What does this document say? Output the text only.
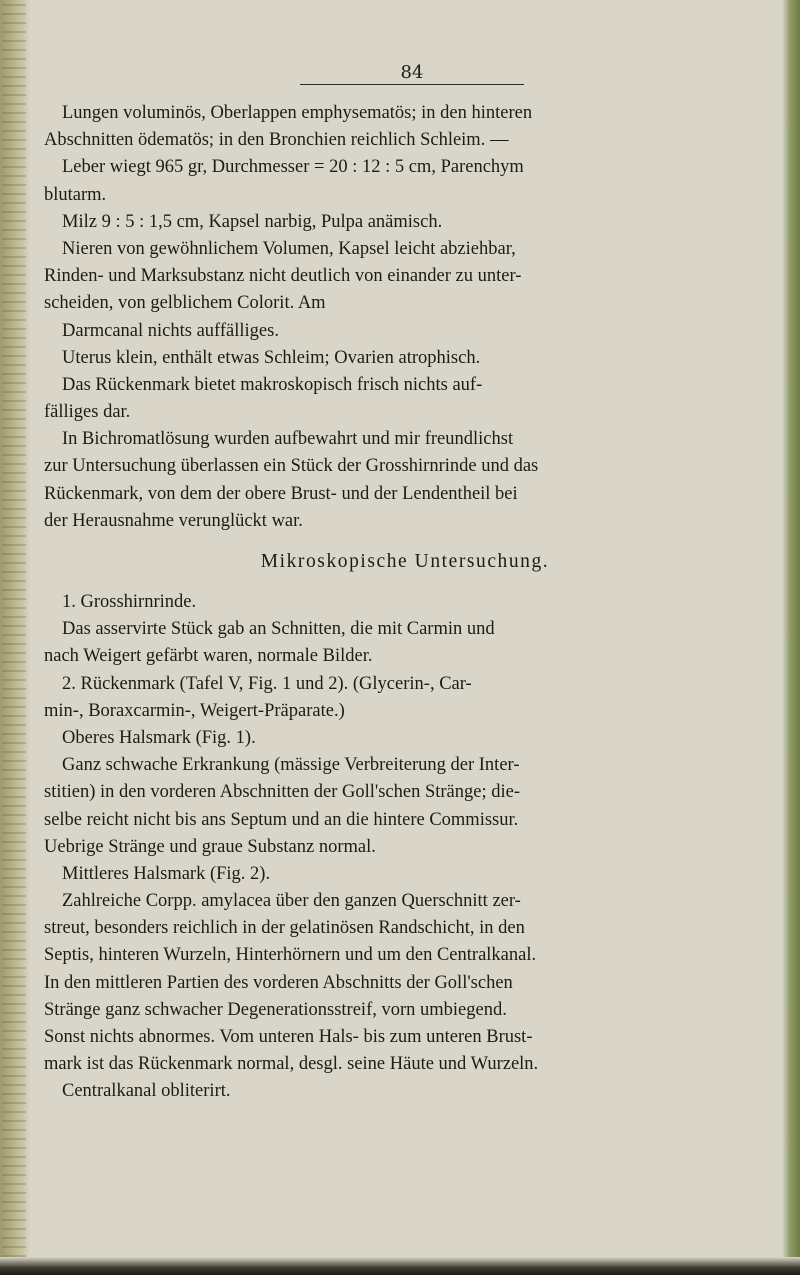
84
Lungen voluminös, Oberlappen emphysematös; in den hinteren
Abschnitten ödematös; in den Bronchien reichlich Schleim. —
Leber wiegt 965 gr, Durchmesser = 20 : 12 : 5 cm, Parenchym
blutarm.
Milz 9 : 5 : 1,5 cm, Kapsel narbig, Pulpa anämisch.
Nieren von gewöhnlichem Volumen, Kapsel leicht abziehbar,
Rinden- und Marksubstanz nicht deutlich von einander zu unter-
scheiden, von gelblichem Colorit. Am
Darmcanal nichts auffälliges.
Uterus klein, enthält etwas Schleim; Ovarien atrophisch.
Das Rückenmark bietet makroskopisch frisch nichts auf-
fälliges dar.
In Bichromatlösung wurden aufbewahrt und mir freundlichst
zur Untersuchung überlassen ein Stück der Grosshirnrinde und das
Rückenmark, von dem der obere Brust- und der Lendentheil bei
der Herausnahme verunglückt war.
Mikroskopische Untersuchung.
1. Grosshirnrinde.
Das asservirte Stück gab an Schnitten, die mit Carmin und
nach Weigert gefärbt waren, normale Bilder.
2. Rückenmark (Tafel V, Fig. 1 und 2). (Glycerin-, Car-
min-, Boraxcarmin-, Weigert-Präparate.)
Oberes Halsmark (Fig. 1).
Ganz schwache Erkrankung (mässige Verbreiterung der Inter-
stitien) in den vorderen Abschnitten der Goll'schen Stränge; die-
selbe reicht nicht bis ans Septum und an die hintere Commissur.
Uebrige Stränge und graue Substanz normal.
Mittleres Halsmark (Fig. 2).
Zahlreiche Corpp. amylacea über den ganzen Querschnitt zer-
streut, besonders reichlich in der gelatinösen Randschicht, in den
Septis, hinteren Wurzeln, Hinterhörnern und um den Centralkanal.
In den mittleren Partien des vorderen Abschnitts der Goll'schen
Stränge ganz schwacher Degenerationsstreif, vorn umbiegend.
Sonst nichts abnormes. Vom unteren Hals- bis zum unteren Brust-
mark ist das Rückenmark normal, desgl. seine Häute und Wurzeln.
Centralkanal obliterirt.
